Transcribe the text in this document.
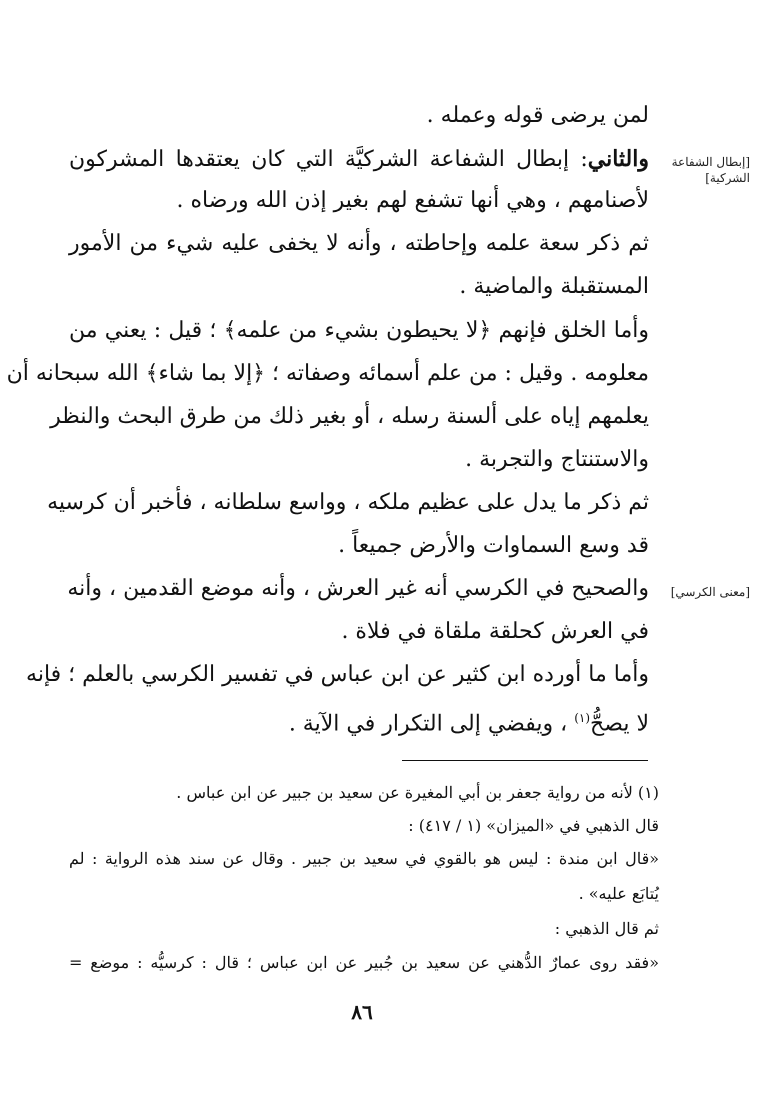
[إبطال الشفاعة الشركية]
[معنى الكرسي]
لمن يرضى قوله وعمله .
والثاني: إبطال الشفاعة الشركيَّة التي كان يعتقدها المشركون
لأصنامهم ، وهي أنها تشفع لهم بغير إذن الله ورضاه .
ثم ذكر سعة علمه وإحاطته ، وأنه لا يخفى عليه شيء من الأمور
المستقبلة والماضية .
وأما الخلق فإنهم ﴿لا يحيطون بشيء من علمه﴾ ؛ قيل : يعني من
معلومه . وقيل : من علم أسمائه وصفاته ؛ ﴿إلا بما شاء﴾ الله سبحانه أن
يعلمهم إياه على ألسنة رسله ، أو بغير ذلك من طرق البحث والنظر
والاستنتاج والتجربة .
ثم ذكر ما يدل على عظيم ملكه ، وواسع سلطانه ، فأخبر أن كرسيه
قد وسع السماوات والأرض جميعاً .
والصحيح في الكرسي أنه غير العرش ، وأنه موضع القدمين ، وأنه
في العرش كحلقة ملقاة في فلاة .
وأما ما أورده ابن كثير عن ابن عباس في تفسير الكرسي بالعلم ؛ فإنه
لا يصحُّ$^{(١)}$ ، ويفضي إلى التكرار في الآية .
(١) لأنه من رواية جعفر بن أبي المغيرة عن سعيد بن جبير عن ابن عباس .
قال الذهبي في «الميزان» (١ / ٤١٧) :
«قال ابن مندة : ليس هو بالقوي في سعيد بن جبير . وقال عن سند هذه الرواية : لم
يُتابَع عليه» .
ثم قال الذهبي :
«فقد روى عمارٌ الدُّهني عن سعيد بن جُبير عن ابن عباس ؛ قال : كرسيُّه : موضع =
٨٦
